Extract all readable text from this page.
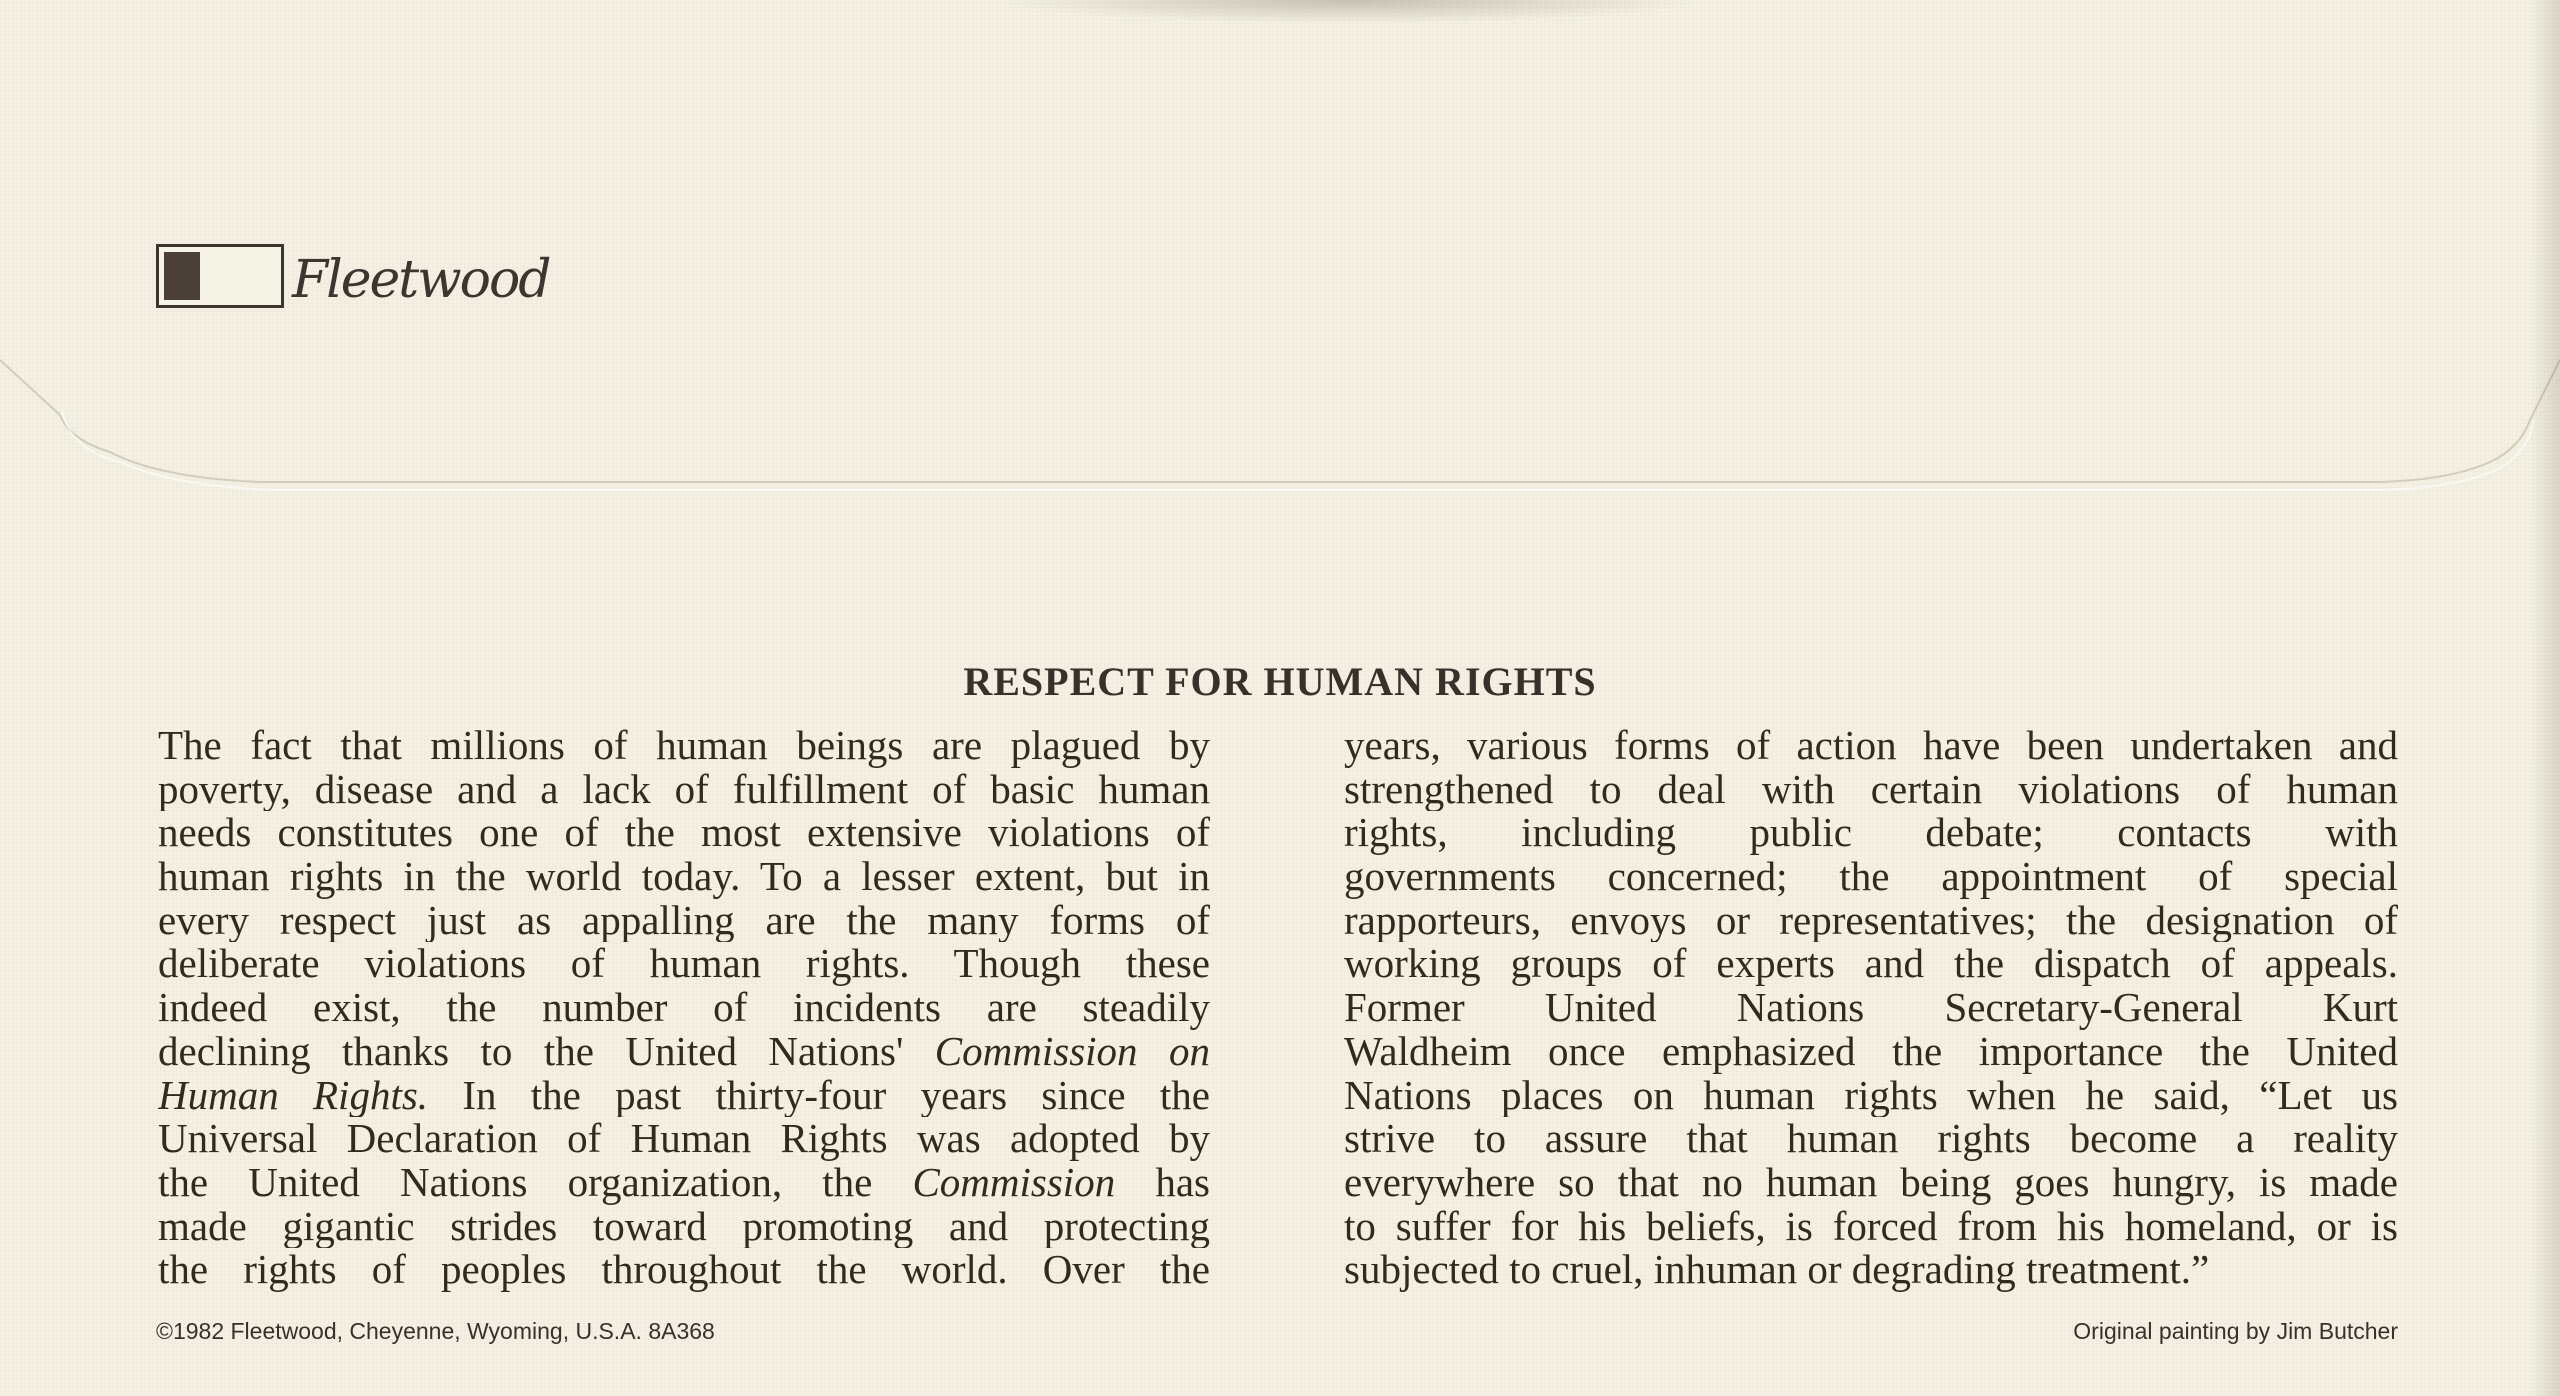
Fleetwood
RESPECT FOR HUMAN RIGHTS
The fact that millions of human beings are plagued by
poverty, disease and a lack of fulfillment of basic human
needs constitutes one of the most extensive violations of
human rights in the world today. To a lesser extent, but in
every respect just as appalling are the many forms of
deliberate violations of human rights. Though these
indeed exist, the number of incidents are steadily
declining thanks to the United Nations' Commission on
Human Rights. In the past thirty-four years since the
Universal Declaration of Human Rights was adopted by
the United Nations organization, the Commission has
made gigantic strides toward promoting and protecting
the rights of peoples throughout the world. Over the
years, various forms of action have been undertaken and
strengthened to deal with certain violations of human
rights, including public debate; contacts with
governments concerned; the appointment of special
rapporteurs, envoys or representatives; the designation of
working groups of experts and the dispatch of appeals.
Former United Nations Secretary-General Kurt
Waldheim once emphasized the importance the United
Nations places on human rights when he said, “Let us
strive to assure that human rights become a reality
everywhere so that no human being goes hungry, is made
to suffer for his beliefs, is forced from his homeland, or is
subjected to cruel, inhuman or degrading treatment.”
©1982 Fleetwood, Cheyenne, Wyoming, U.S.A. 8A368	Original painting by Jim Butcher
